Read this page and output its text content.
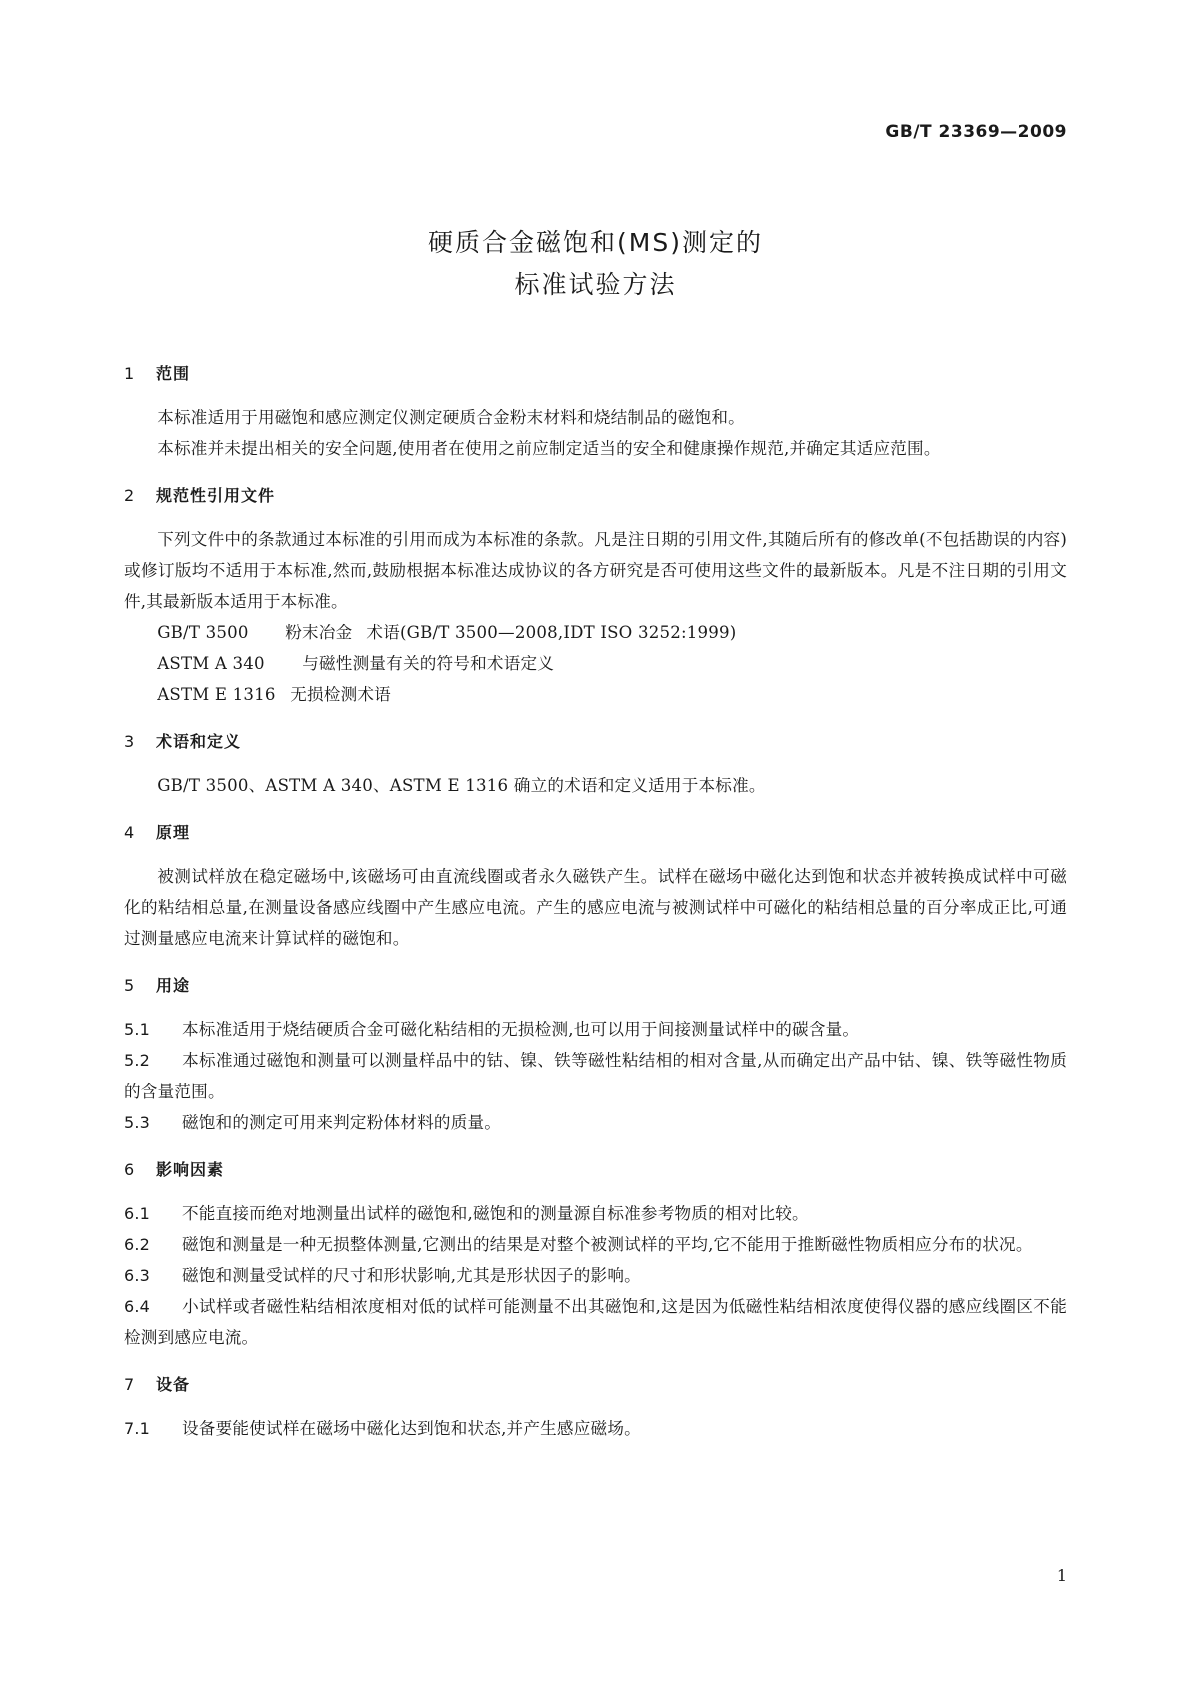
GB/T 23369—2009
硬质合金磁饱和(MS)测定的
标准试验方法
1 范围
本标准适用于用磁饱和感应测定仪测定硬质合金粉末材料和烧结制品的磁饱和。
本标准并未提出相关的安全问题,使用者在使用之前应制定适当的安全和健康操作规范,并确定其适应范围。
2 规范性引用文件
下列文件中的条款通过本标准的引用而成为本标准的条款。凡是注日期的引用文件,其随后所有的修改单(不包括勘误的内容)或修订版均不适用于本标准,然而,鼓励根据本标准达成协议的各方研究是否可使用这些文件的最新版本。凡是不注日期的引用文件,其最新版本适用于本标准。
GB/T 3500 粉末冶金 术语(GB/T 3500—2008,IDT ISO 3252:1999)
ASTM A 340 与磁性测量有关的符号和术语定义
ASTM E 1316 无损检测术语
3 术语和定义
GB/T 3500、ASTM A 340、ASTM E 1316 确立的术语和定义适用于本标准。
4 原理
被测试样放在稳定磁场中,该磁场可由直流线圈或者永久磁铁产生。试样在磁场中磁化达到饱和状态并被转换成试样中可磁化的粘结相总量,在测量设备感应线圈中产生感应电流。产生的感应电流与被测试样中可磁化的粘结相总量的百分率成正比,可通过测量感应电流来计算试样的磁饱和。
5 用途
5.1 本标准适用于烧结硬质合金可磁化粘结相的无损检测,也可以用于间接测量试样中的碳含量。
5.2 本标准通过磁饱和测量可以测量样品中的钴、镍、铁等磁性粘结相的相对含量,从而确定出产品中钴、镍、铁等磁性物质的含量范围。
5.3 磁饱和的测定可用来判定粉体材料的质量。
6 影响因素
6.1 不能直接而绝对地测量出试样的磁饱和,磁饱和的测量源自标准参考物质的相对比较。
6.2 磁饱和测量是一种无损整体测量,它测出的结果是对整个被测试样的平均,它不能用于推断磁性物质相应分布的状况。
6.3 磁饱和测量受试样的尺寸和形状影响,尤其是形状因子的影响。
6.4 小试样或者磁性粘结相浓度相对低的试样可能测量不出其磁饱和,这是因为低磁性粘结相浓度使得仪器的感应线圈区不能检测到感应电流。
7 设备
7.1 设备要能使试样在磁场中磁化达到饱和状态,并产生感应磁场。
1
